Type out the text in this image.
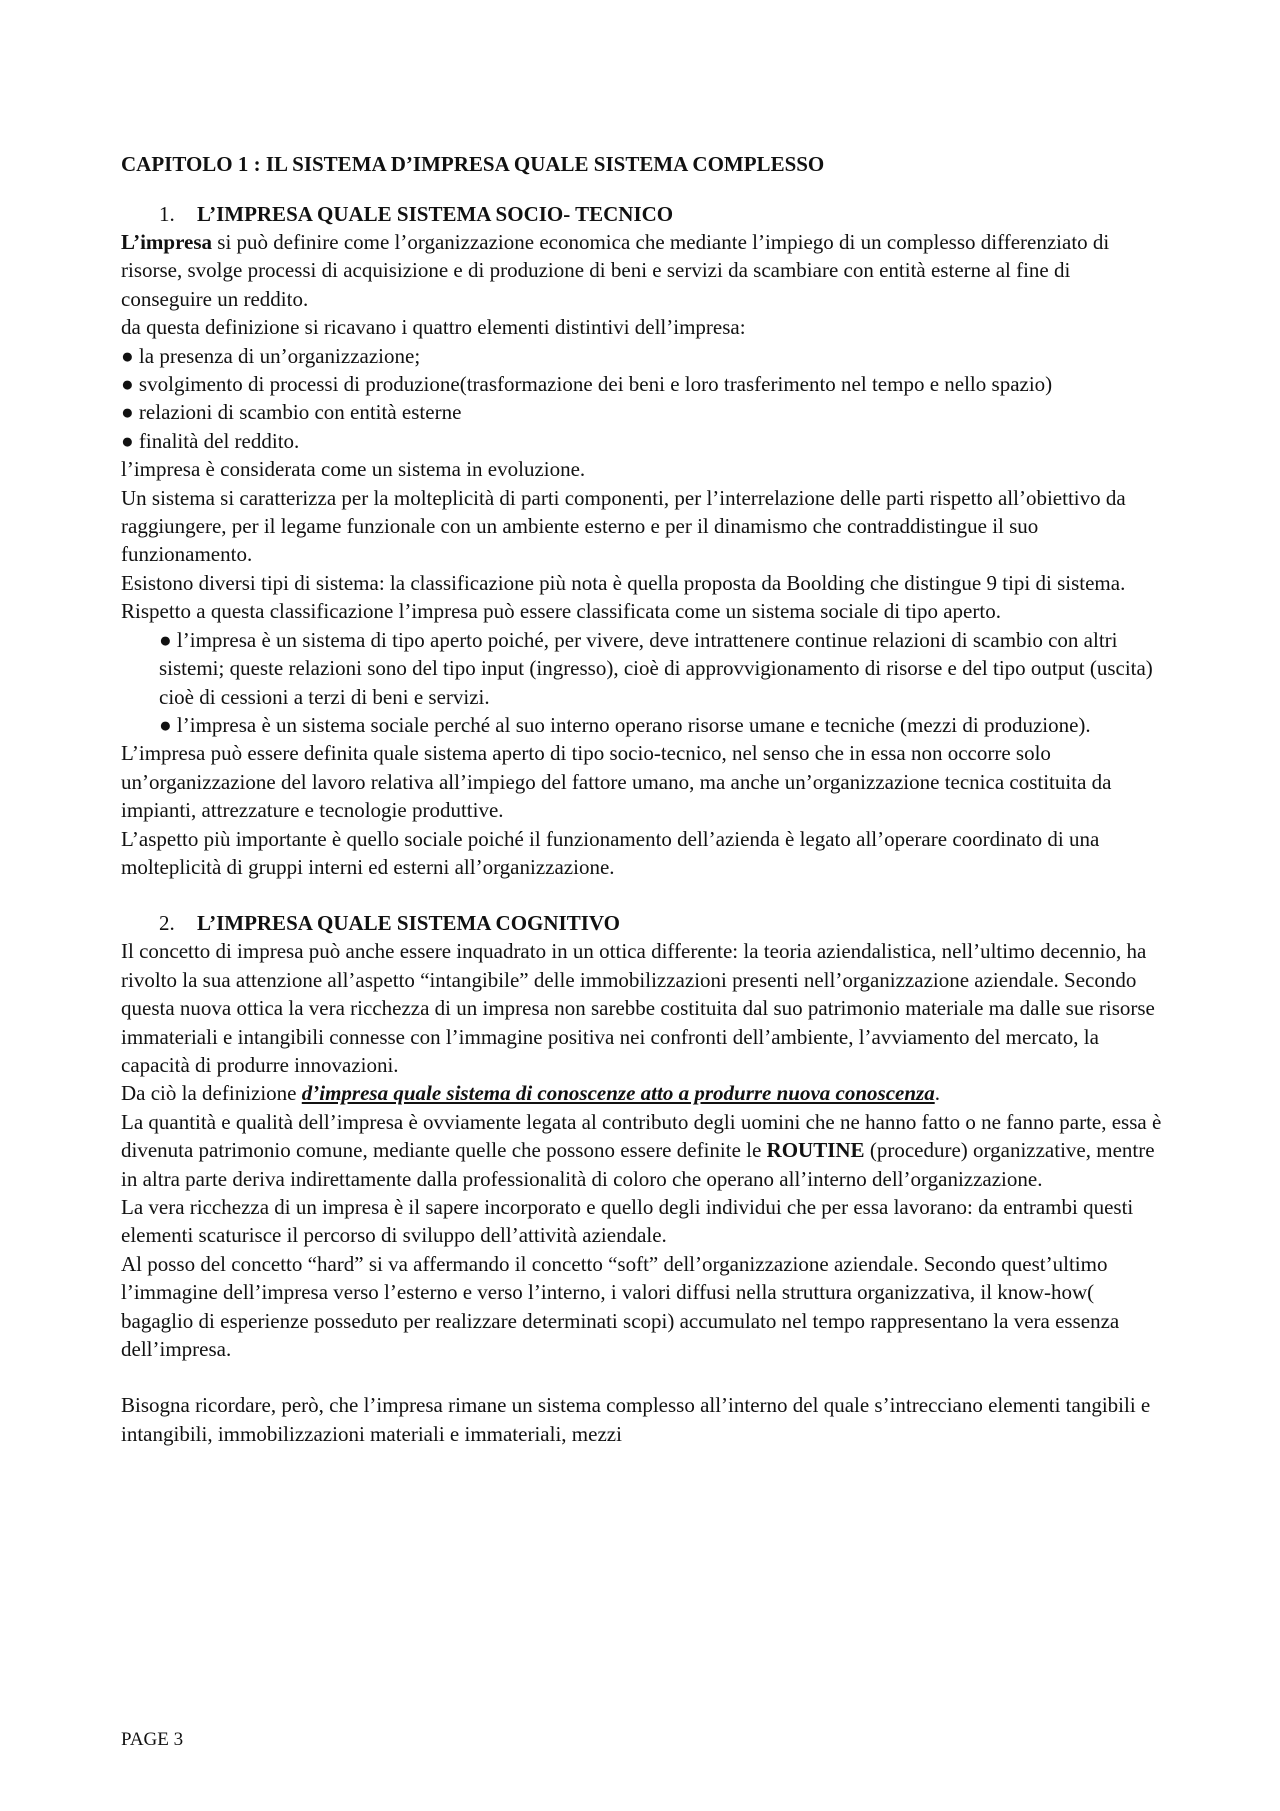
CAPITOLO 1 : IL SISTEMA D’IMPRESA QUALE SISTEMA COMPLESSO
1. L’IMPRESA QUALE SISTEMA SOCIO- TECNICO

L’impresa si può definire come l’organizzazione economica che mediante l’impiego di un complesso differenziato di risorse, svolge processi di acquisizione e di produzione di beni e servizi da scambiare con entità esterne al fine di conseguire un reddito.

da questa definizione si ricavano i quattro elementi distintivi dell’impresa:

● la presenza di un’organizzazione;

● svolgimento di processi di produzione(trasformazione dei beni e loro trasferimento nel tempo e nello spazio)

● relazioni di scambio con entità esterne

● finalità del reddito.

l’impresa è considerata come un sistema in evoluzione.

Un sistema si caratterizza per la molteplicità di parti componenti, per l’interrelazione delle parti rispetto all’obiettivo da raggiungere, per il legame funzionale con un ambiente esterno e per il dinamismo che contraddistingue il suo funzionamento.

Esistono diversi tipi di sistema: la classificazione più nota è quella proposta da Boolding che distingue 9 tipi di sistema.

Rispetto a questa classificazione l’impresa può essere classificata come un sistema sociale di tipo aperto.

● l’impresa è un sistema di tipo aperto poiché, per vivere, deve intrattenere continue relazioni di scambio con altri sistemi; queste relazioni sono del tipo input (ingresso), cioè di approvvigionamento di risorse e del tipo output (uscita) cioè di cessioni a terzi di beni e servizi.

● l’impresa è un sistema sociale perché al suo interno operano risorse umane e tecniche (mezzi di produzione).

L’impresa può essere definita quale sistema aperto di tipo socio-tecnico, nel senso che in essa non occorre solo un’organizzazione del lavoro relativa all’impiego del fattore umano, ma anche un’organizzazione tecnica costituita da impianti, attrezzature e tecnologie produttive.

L’aspetto più importante è quello sociale poiché il funzionamento dell’azienda è legato all’operare coordinato di una molteplicità di gruppi interni ed esterni all’organizzazione.

2. L’IMPRESA QUALE SISTEMA COGNITIVO

Il concetto di impresa può anche essere inquadrato in un ottica differente: la teoria aziendalistica, nell’ultimo decennio, ha rivolto la sua attenzione all’aspetto “intangibile” delle immobilizzazioni presenti nell’organizzazione aziendale. Secondo questa nuova ottica la vera ricchezza di un impresa non sarebbe costituita dal suo patrimonio materiale ma dalle sue risorse immateriali e intangibili connesse con l’immagine positiva nei confronti dell’ambiente, l’avviamento del mercato, la capacità di produrre innovazioni.

Da ciò la definizione d’impresa quale sistema di conoscenze atto a produrre nuova conoscenza.

La quantità e qualità dell’impresa è ovviamente legata al contributo degli uomini che ne hanno fatto o ne fanno parte, essa è divenuta patrimonio comune, mediante quelle che possono essere definite le ROUTINE (procedure) organizzative, mentre in altra parte deriva indirettamente dalla professionalità di coloro che operano all’interno dell’organizzazione.

La vera ricchezza di un impresa è il sapere incorporato e quello degli individui che per essa lavorano: da entrambi questi elementi scaturisce il percorso di sviluppo dell’attività aziendale.

Al posso del concetto “hard” si va affermando il concetto “soft” dell’organizzazione aziendale. Secondo quest’ultimo l’immagine dell’impresa verso l’esterno e verso l’interno, i valori diffusi nella struttura organizzativa, il know-how( bagaglio di esperienze posseduto per realizzare determinati scopi) accumulato nel tempo rappresentano la vera essenza dell’impresa.

Bisogna ricordare, però, che l’impresa rimane un sistema complesso all’interno del quale s’intrecciano elementi tangibili e intangibili, immobilizzazioni materiali e immateriali, mezzi

PAGE 3
